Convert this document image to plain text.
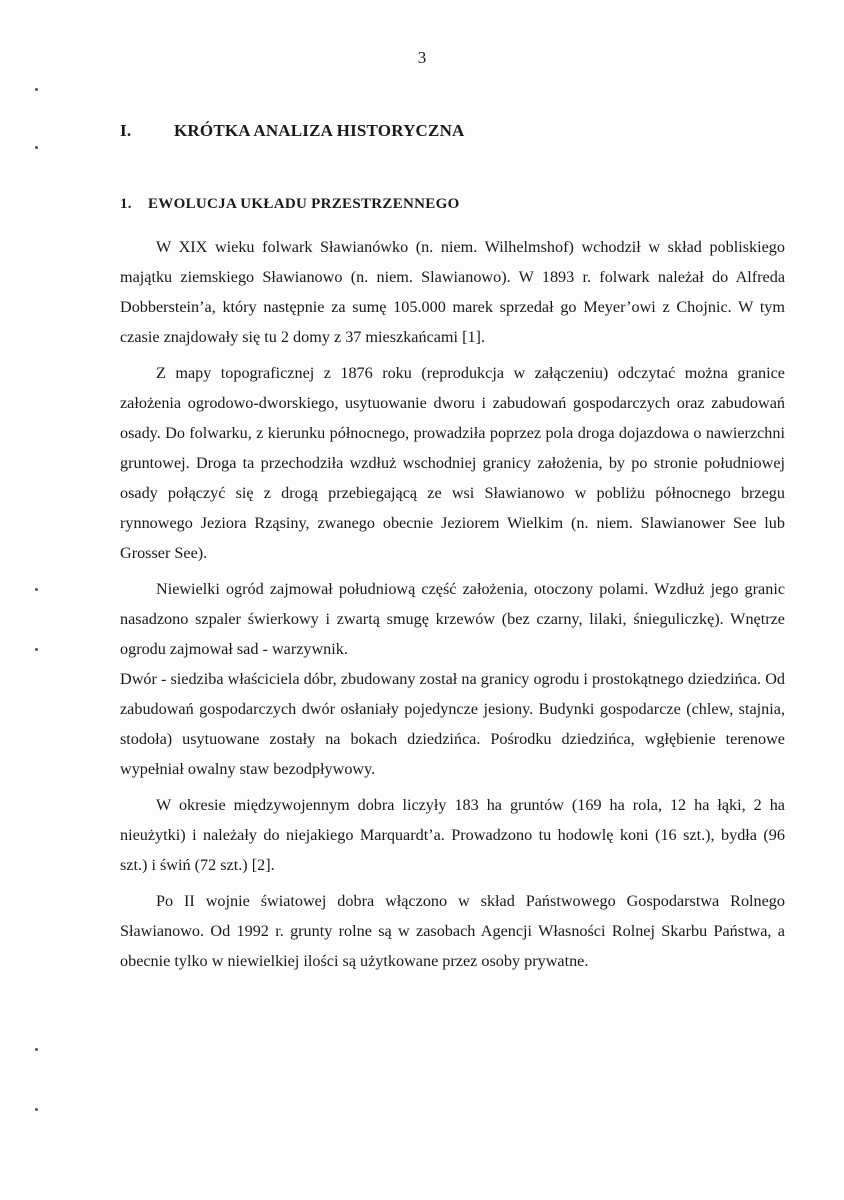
3
I.	KRÓTKA ANALIZA HISTORYCZNA
1. EWOLUCJA UKŁADU PRZESTRZENNEGO

W XIX wieku folwark Sławianówko (n. niem. Wilhelmshof) wchodził w skład pobliskiego majątku ziemskiego Sławianowo (n. niem. Slawianowo). W 1893 r. folwark należał do Alfreda Dobberstein’a, który następnie za sumę 105.000 marek sprzedał go Meyer’owi z Chojnic. W tym czasie znajdowały się tu 2 domy z 37 mieszkańcami [1].

Z mapy topograficznej z 1876 roku (reprodukcja w załączeniu) odczytać można granice założenia ogrodowo-dworskiego, usytuowanie dworu i zabudowań gospodarczych oraz zabudowań osady. Do folwarku, z kierunku północnego, prowadziła poprzez pola droga dojazdowa o nawierzchni gruntowej. Droga ta przechodziła wzdłuż wschodniej granicy założenia, by po stronie południowej osady połączyć się z drogą przebiegającą ze wsi Sławianowo w pobliżu północnego brzegu rynnowego Jeziora Rząsiny, zwanego obecnie Jeziorem Wielkim (n. niem. Slawianower See lub Grosser See).

Niewielki ogród zajmował południową część założenia, otoczony polami. Wzdłuż jego granic nasadzono szpaler świerkowy i zwartą smugę krzewów (bez czarny, lilaki, śnieguliczkę). Wnętrze ogrodu zajmował sad - warzywnik.

Dwór - siedziba właściciela dóbr, zbudowany został na granicy ogrodu i prostokątnego dziedzińca. Od zabudowań gospodarczych dwór osłaniały pojedyncze jesiony. Budynki gospodarcze (chlew, stajnia, stodoła) usytuowane zostały na bokach dziedzińca. Pośrodku dziedzińca, wgłębienie terenowe wypełniał owalny staw bezodpływowy.

W okresie międzywojennym dobra liczyły 183 ha gruntów (169 ha rola, 12 ha łąki, 2 ha nieużytki) i należały do niejakiego Marquardt’a. Prowadzono tu hodowlę koni (16 szt.), bydła (96 szt.) i świń (72 szt.) [2].

Po II wojnie światowej dobra włączono w skład Państwowego Gospodarstwa Rolnego Sławianowo. Od 1992 r. grunty rolne są w zasobach Agencji Własności Rolnej Skarbu Państwa, a obecnie tylko w niewielkiej ilości są użytkowane przez osoby prywatne.
